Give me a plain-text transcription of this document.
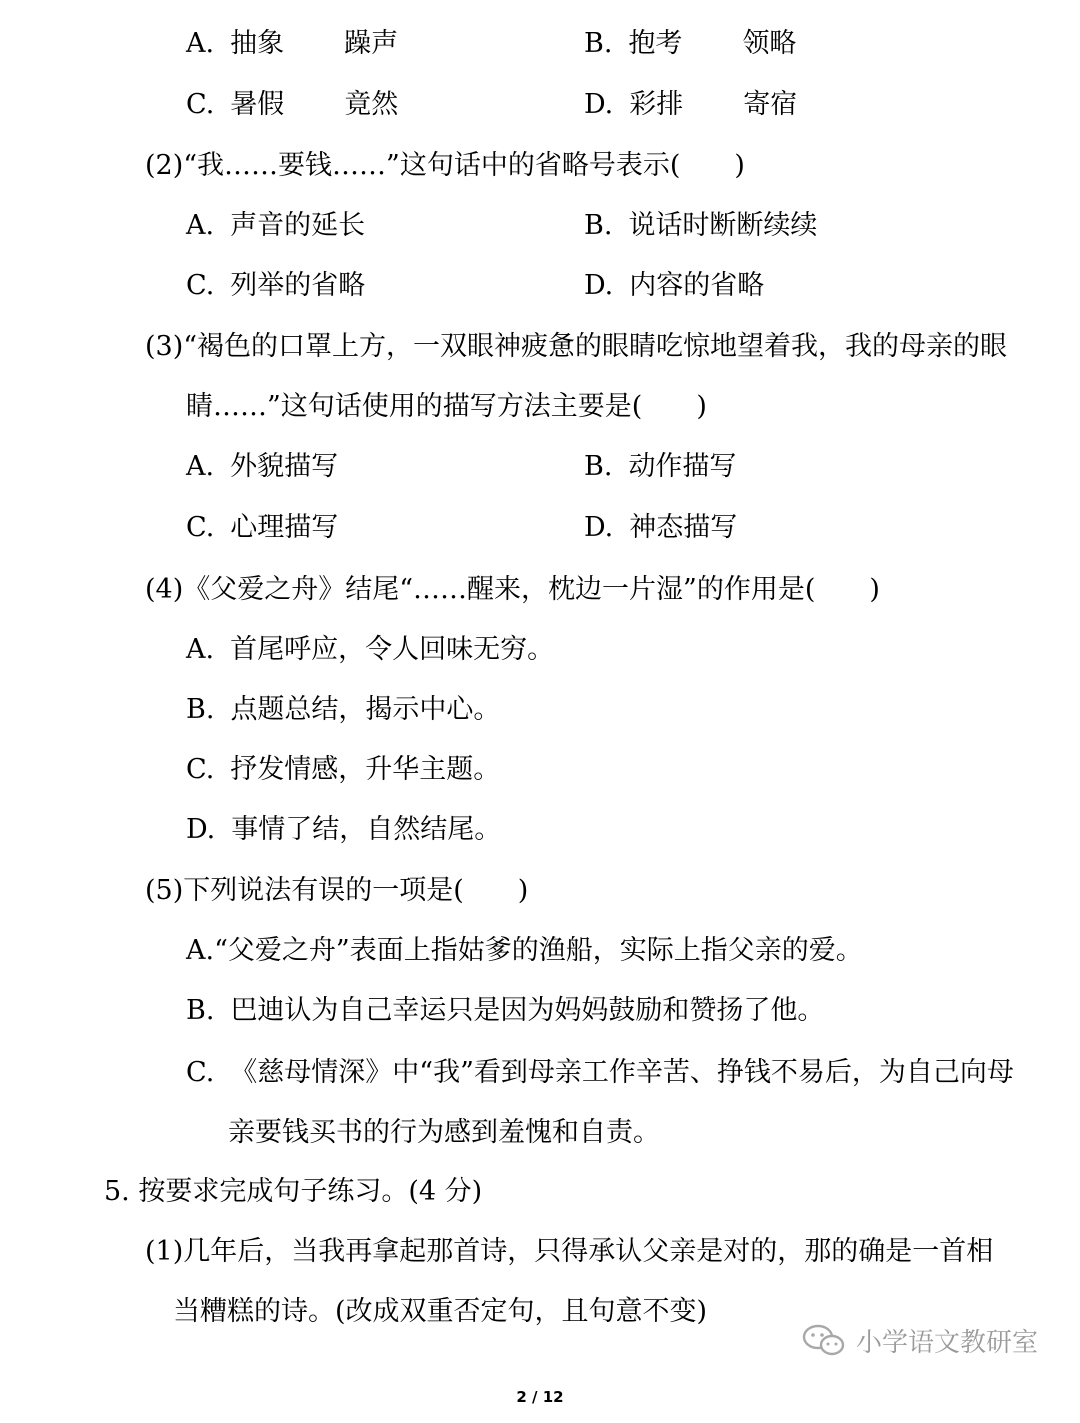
A. 抽象 躁声	B. 抱考 领略
C. 暑假 竟然	D. 彩排 寄宿
(2)“我……要钱……”这句话中的省略号表示(　　)
A. 声音的延长	B. 说话时断断续续
C. 列举的省略	D. 内容的省略
(3)“褐色的口罩上方，一双眼神疲惫的眼睛吃惊地望着我，我的母亲的眼
睛……”这句话使用的描写方法主要是(　　)
A. 外貌描写	B. 动作描写
C. 心理描写	D. 神态描写
(4)《父爱之舟》结尾“……醒来，枕边一片湿”的作用是(　　)
A. 首尾呼应，令人回味无穷。
B. 点题总结，揭示中心。
C. 抒发情感，升华主题。
D. 事情了结，自然结尾。
(5)下列说法有误的一项是(　　)
A.“父爱之舟”表面上指姑爹的渔船，实际上指父亲的爱。
B. 巴迪认为自己幸运只是因为妈妈鼓励和赞扬了他。
C. 《慈母情深》中“我”看到母亲工作辛苦、挣钱不易后，为自己向母
亲要钱买书的行为感到羞愧和自责。
5. 按要求完成句子练习。(4 分)
(1)几年后，当我再拿起那首诗，只得承认父亲是对的，那的确是一首相
当糟糕的诗。(改成双重否定句，且句意不变)
小学语文教研室
2 / 12
